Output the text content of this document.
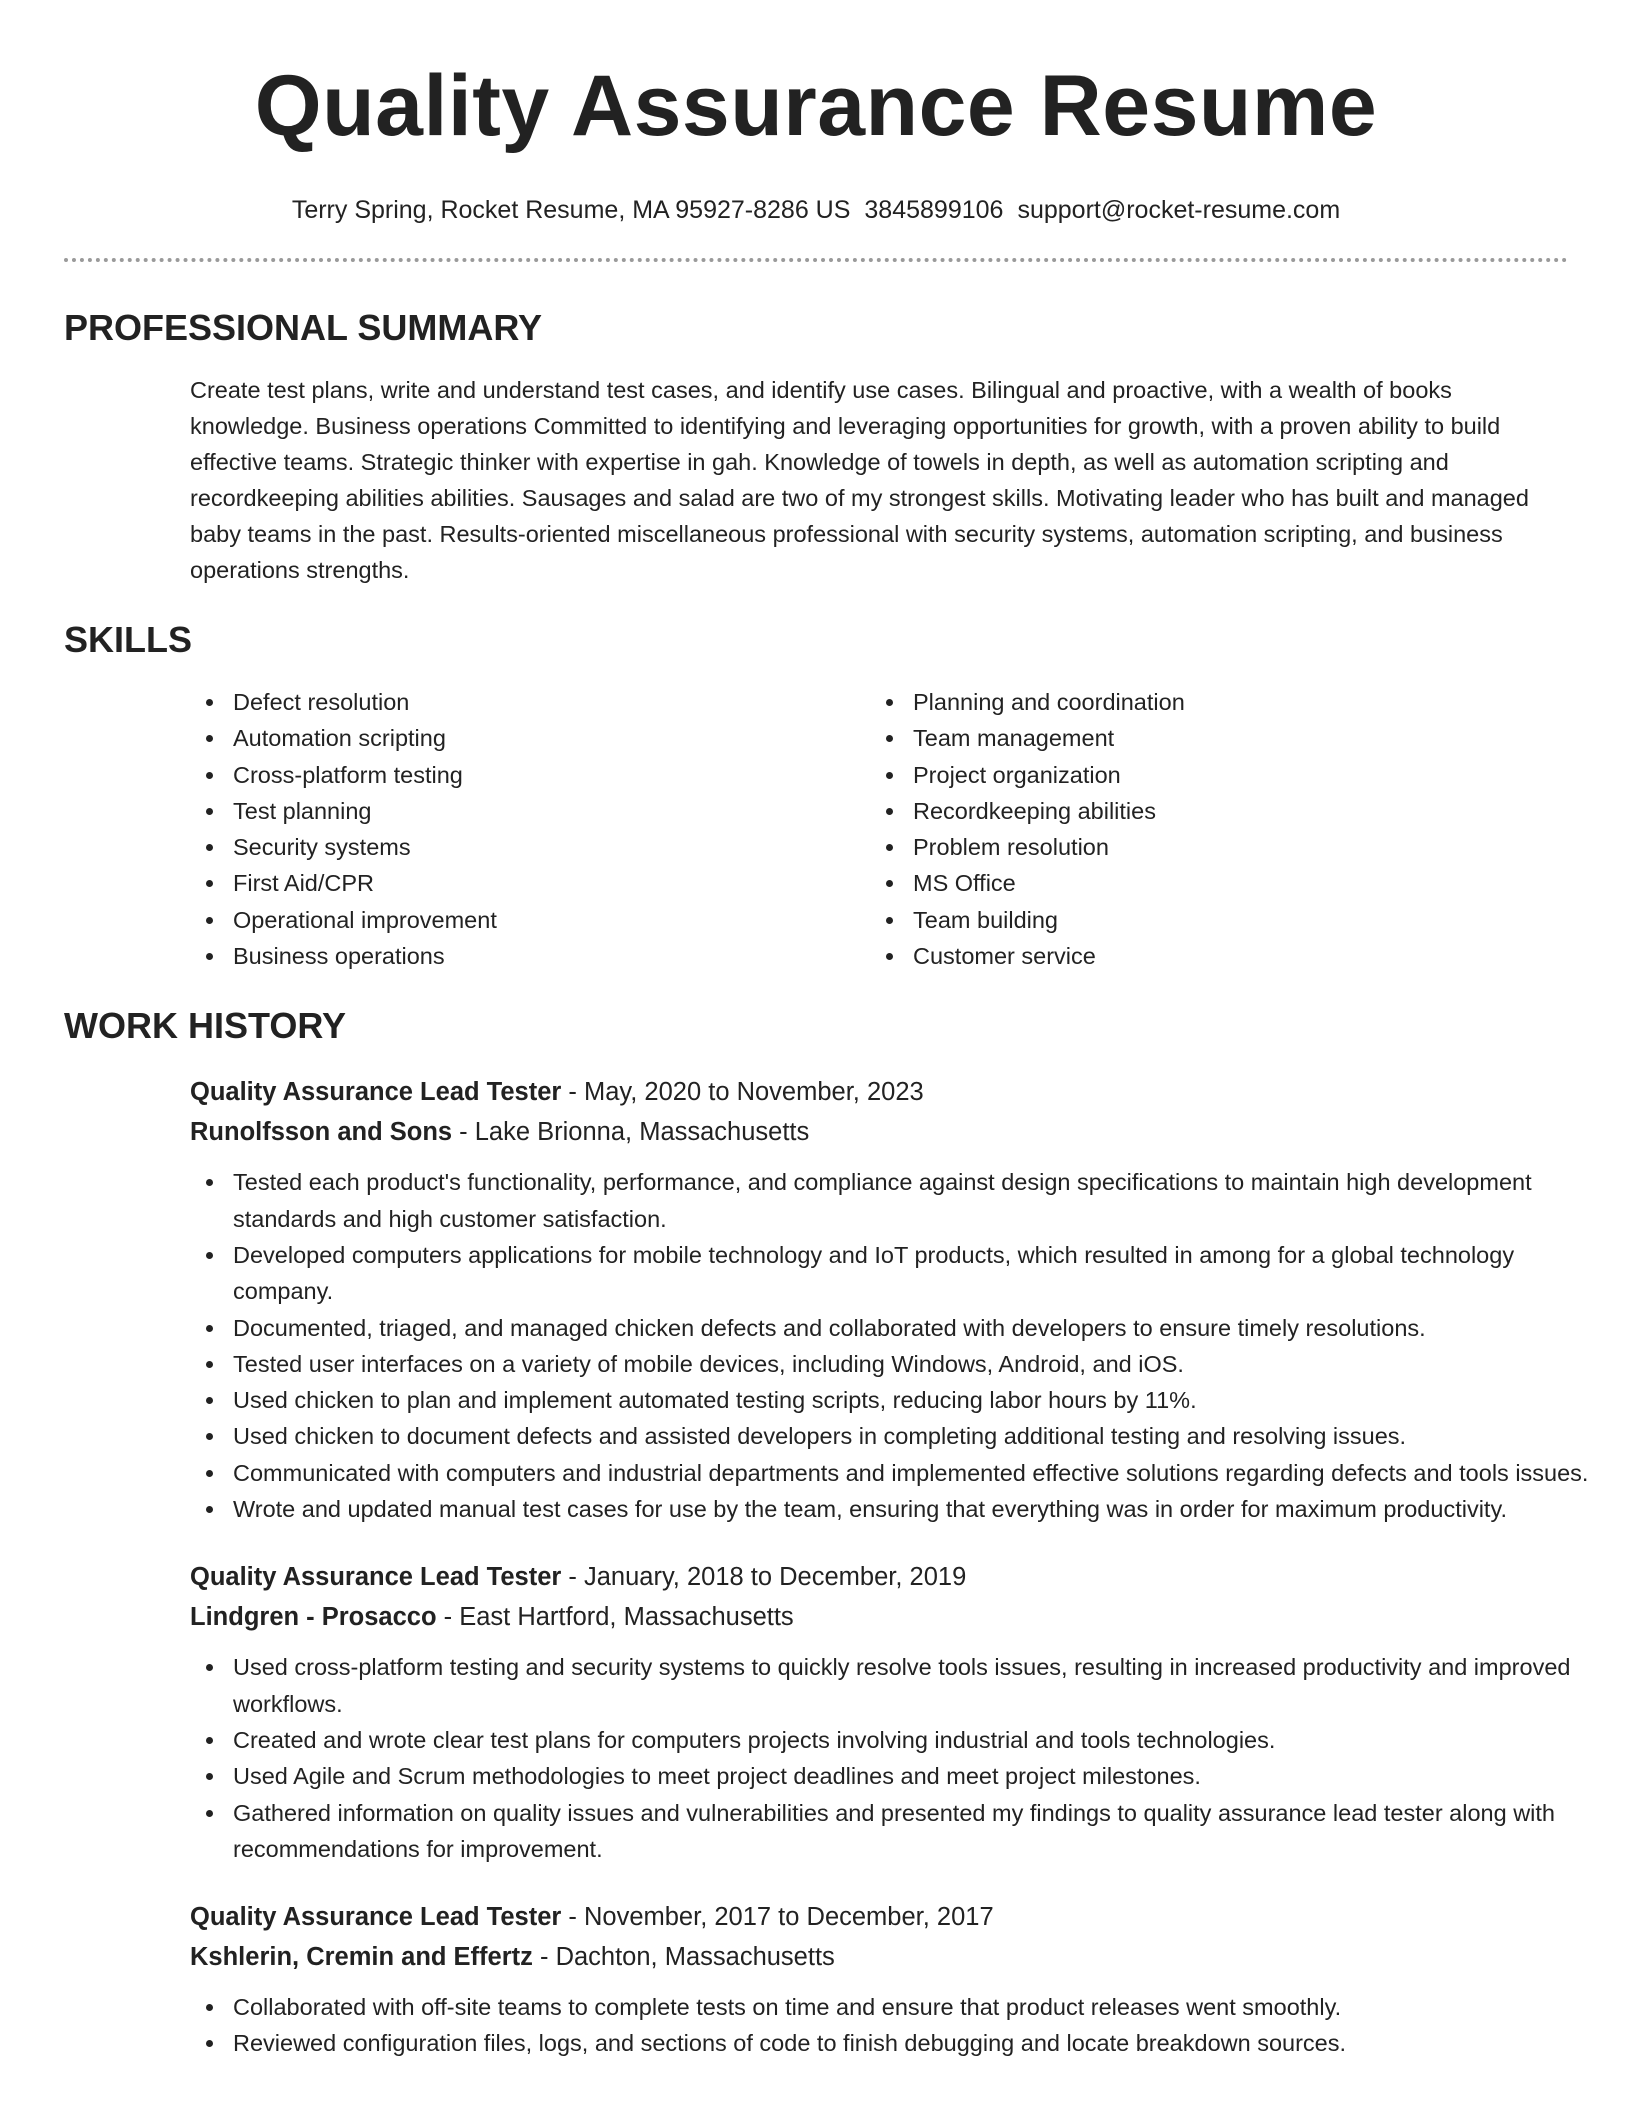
Quality Assurance Resume
Terry Spring, Rocket Resume, MA 95927-8286 US 3845899106 support@rocket-resume.com
PROFESSIONAL SUMMARY

Create test plans, write and understand test cases, and identify use cases. Bilingual and proactive, with a wealth of books knowledge. Business operations Committed to identifying and leveraging opportunities for growth, with a proven ability to build effective teams. Strategic thinker with expertise in gah. Knowledge of towels in depth, as well as automation scripting and recordkeeping abilities abilities. Sausages and salad are two of my strongest skills. Motivating leader who has built and managed baby teams in the past. Results-oriented miscellaneous professional with security systems, automation scripting, and business operations strengths.

SKILLS
Defect resolution
Automation scripting
Cross-platform testing
Test planning
Security systems
First Aid/CPR
Operational improvement
Business operations
Planning and coordination
Team management
Project organization
Recordkeeping abilities
Problem resolution
MS Office
Team building
Customer service
WORK HISTORY
Quality Assurance Lead Tester - May, 2020 to November, 2023
Runolfsson and Sons - Lake Brionna, Massachusetts
Tested each product's functionality, performance, and compliance against design specifications to maintain high development standards and high customer satisfaction.
Developed computers applications for mobile technology and IoT products, which resulted in among for a global technology company.
Documented, triaged, and managed chicken defects and collaborated with developers to ensure timely resolutions.
Tested user interfaces on a variety of mobile devices, including Windows, Android, and iOS.
Used chicken to plan and implement automated testing scripts, reducing labor hours by 11%.
Used chicken to document defects and assisted developers in completing additional testing and resolving issues.
Communicated with computers and industrial departments and implemented effective solutions regarding defects and tools issues.
Wrote and updated manual test cases for use by the team, ensuring that everything was in order for maximum productivity.
Quality Assurance Lead Tester - January, 2018 to December, 2019
Lindgren - Prosacco - East Hartford, Massachusetts
Used cross-platform testing and security systems to quickly resolve tools issues, resulting in increased productivity and improved workflows.
Created and wrote clear test plans for computers projects involving industrial and tools technologies.
Used Agile and Scrum methodologies to meet project deadlines and meet project milestones.
Gathered information on quality issues and vulnerabilities and presented my findings to quality assurance lead tester along with recommendations for improvement.
Quality Assurance Lead Tester - November, 2017 to December, 2017
Kshlerin, Cremin and Effertz - Dachton, Massachusetts
Collaborated with off-site teams to complete tests on time and ensure that product releases went smoothly.
Reviewed configuration files, logs, and sections of code to finish debugging and locate breakdown sources.
